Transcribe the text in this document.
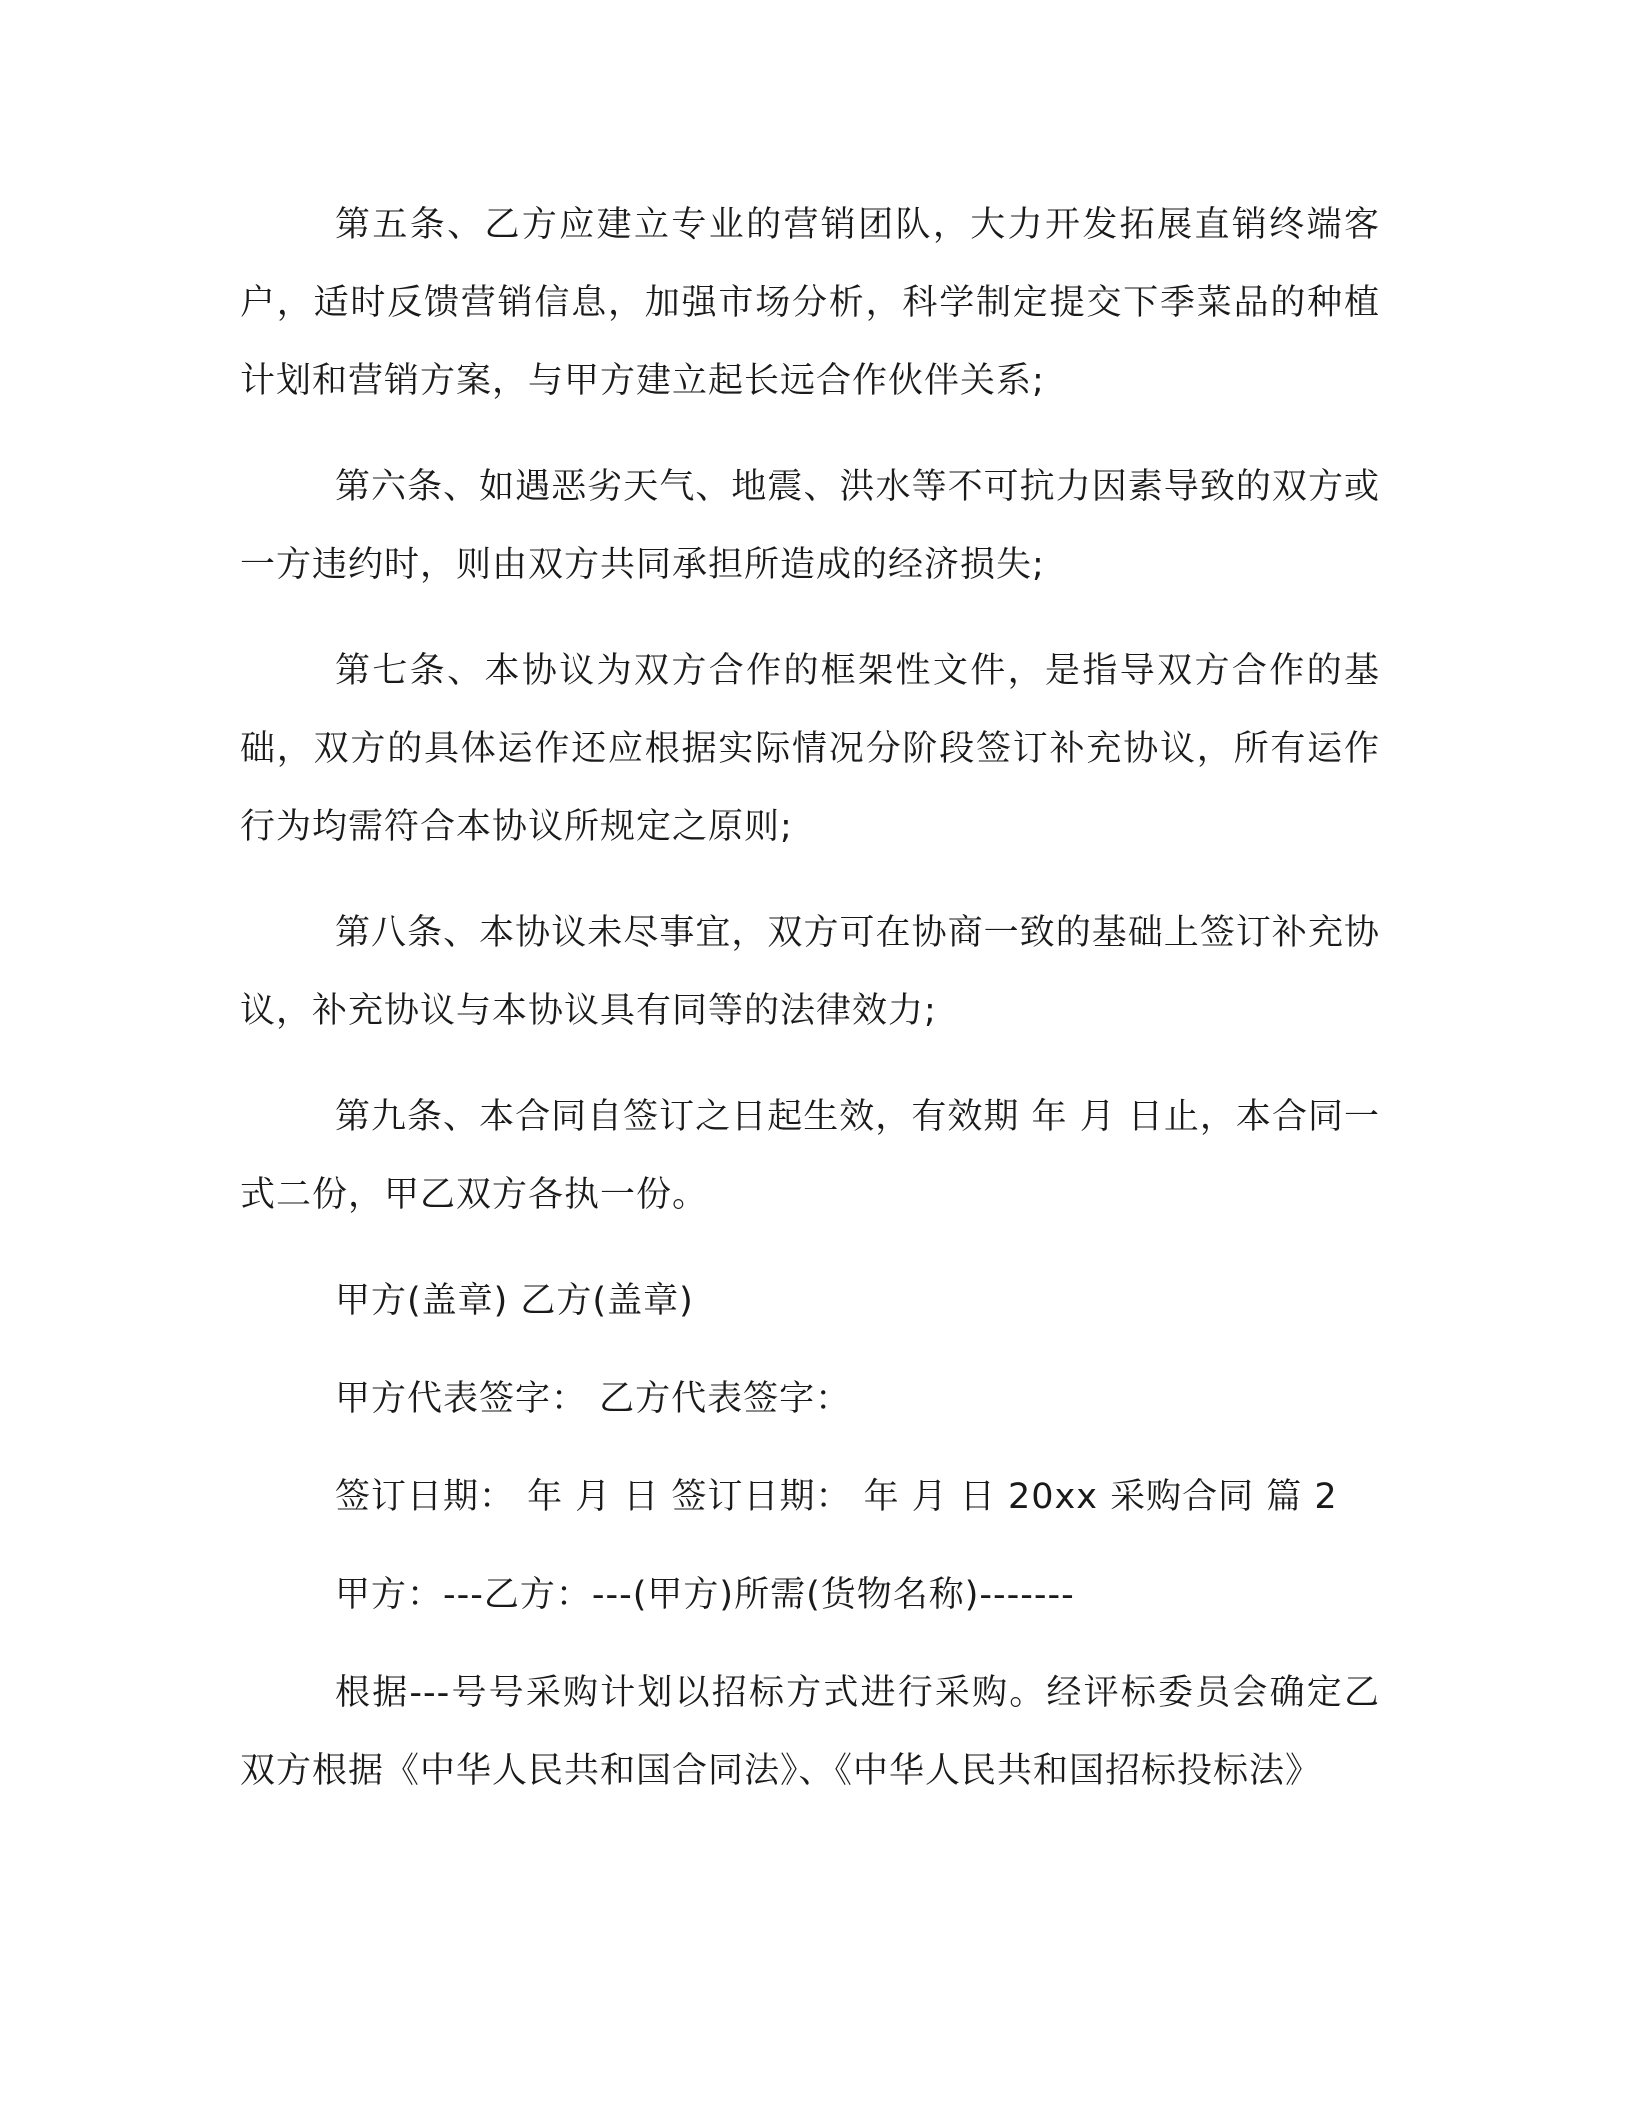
第五条、乙方应建立专业的营销团队，大力开发拓展直销终端客户，适时反馈营销信息，加强市场分析，科学制定提交下季菜品的种植计划和营销方案，与甲方建立起长远合作伙伴关系;

第六条、如遇恶劣天气、地震、洪水等不可抗力因素导致的双方或一方违约时，则由双方共同承担所造成的经济损失;

第七条、本协议为双方合作的框架性文件，是指导双方合作的基础，双方的具体运作还应根据实际情况分阶段签订补充协议，所有运作行为均需符合本协议所规定之原则;

第八条、本协议未尽事宜，双方可在协商一致的基础上签订补充协议，补充协议与本协议具有同等的法律效力;

第九条、本合同自签订之日起生效，有效期 年 月 日止，本合同一式二份，甲乙双方各执一份。

甲方(盖章) 乙方(盖章)

甲方代表签字： 乙方代表签字：

签订日期： 年 月 日 签订日期： 年 月 日 20xx 采购合同 篇 2

甲方：---乙方：---(甲方)所需(货物名称)-------

根据---号号采购计划以招标方式进行采购。经评标委员会确定乙双方根据《中华人民共和国合同法》、《中华人民共和国招标投标法》
